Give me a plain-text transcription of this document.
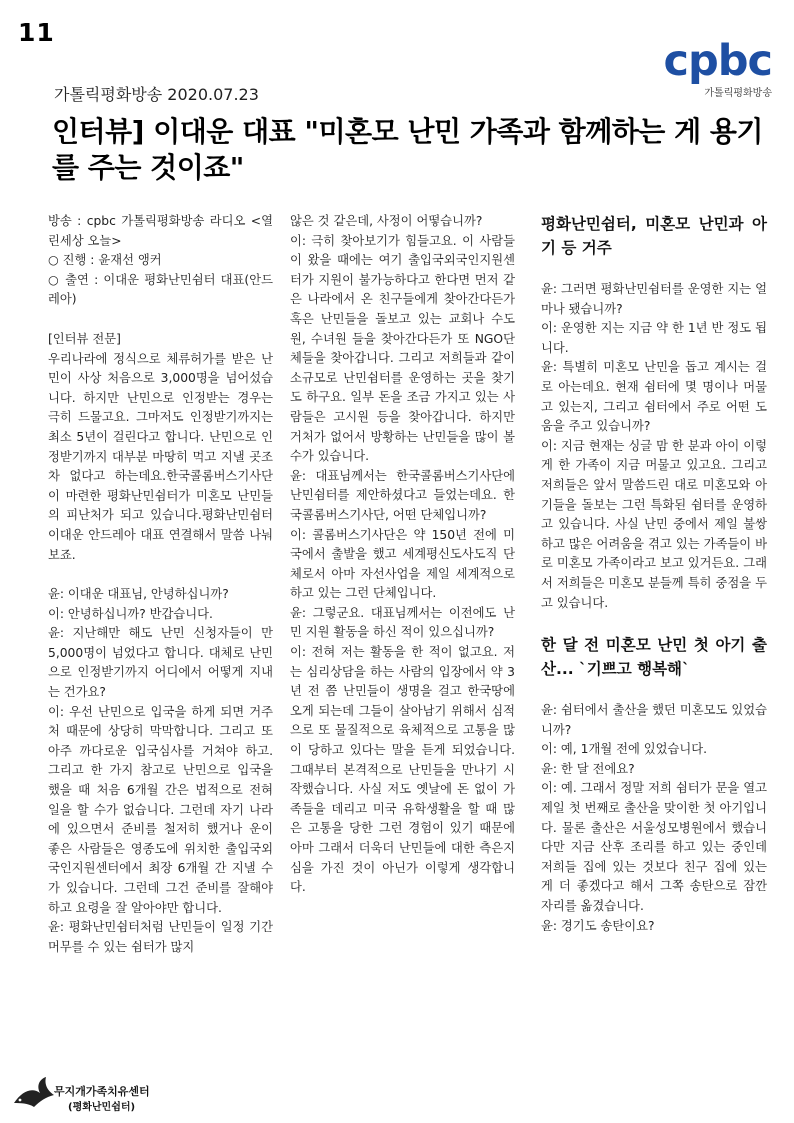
11
cpbc
가톨릭평화방송
가톨릭평화방송 2020.07.23
인터뷰] 이대운 대표 "미혼모 난민 가족과 함께하는 게 용기를 주는 것이죠"

방송 : cpbc 가톨릭평화방송 라디오 <열린세상 오늘>
○ 진행 : 윤재선 앵커
○ 출연 : 이대운 평화난민쉼터 대표(안드레아)

[인터뷰 전문]

우리나라에 정식으로 체류허가를 받은 난민이 사상 처음으로 3,000명을 넘어섰습니다. 하지만 난민으로 인정받는 경우는 극히 드물고요. 그마저도 인정받기까지는 최소 5년이 걸린다고 합니다. 난민으로 인정받기까지 대부분 마땅히 먹고 지낼 곳조차 없다고 하는데요.한국콜롬버스기사단이 마련한 평화난민쉼터가 미혼모 난민들의 피난처가 되고 있습니다.평화난민쉼터 이대운 안드레아 대표 연결해서 말씀 나눠보죠.

윤: 이대운 대표님, 안녕하십니까?
이: 안녕하십니까? 반갑습니다.
윤: 지난해만 해도 난민 신청자들이 만 5,000명이 넘었다고 합니다. 대체로 난민으로 인정받기까지 어디에서 어떻게 지내는 건가요?
이: 우선 난민으로 입국을 하게 되면 거주처 때문에 상당히 막막합니다. 그리고 또 아주 까다로운 입국심사를 거쳐야 하고. 그리고 한 가지 참고로 난민으로 입국을 했을 때 처음 6개월 간은 법적으로 전혀 일을 할 수가 없습니다. 그런데 자기 나라에 있으면서 준비를 철저히 했거나 운이 좋은 사람들은 영종도에 위치한 출입국외국인지원센터에서 최장 6개월 간 지낼 수가 있습니다. 그런데 그건 준비를 잘해야 하고 요령을 잘 알아야만 합니다.
윤: 평화난민쉼터처럼 난민들이 일정 기간 머무를 수 있는 쉼터가 많지

않은 것 같은데, 사정이 어떻습니까?
이: 극히 찾아보기가 힘들고요. 이 사람들이 왔을 때에는 여기 출입국외국인지원센터가 지원이 불가능하다고 한다면 먼저 같은 나라에서 온 친구들에게 찾아간다든가 혹은 난민들을 돌보고 있는 교회나 수도원, 수녀원 들을 찾아간다든가 또 NGO단체들을 찾아갑니다. 그리고 저희들과 같이 소규모로 난민쉼터를 운영하는 곳을 찾기도 하구요. 일부 돈을 조금 가지고 있는 사람들은 고시원 등을 찾아갑니다. 하지만 거처가 없어서 방황하는 난민들을 많이 볼 수가 있습니다.
윤: 대표님께서는 한국콜롬버스기사단에 난민쉼터를 제안하셨다고 들었는데요. 한국콜롬버스기사단, 어떤 단체입니까?
이: 콜롬버스기사단은 약 150년 전에 미국에서 출발을 했고 세계평신도사도직 단체로서 아마 자선사업을 제일 세계적으로 하고 있는 그런 단체입니다.
윤: 그렇군요. 대표님께서는 이전에도 난민 지원 활동을 하신 적이 있으십니까?
이: 전혀 저는 활동을 한 적이 없고요. 저는 심리상담을 하는 사람의 입장에서 약 3년 전 쯤 난민들이 생명을 걸고 한국땅에 오게 되는데 그들이 살아남기 위해서 심적으로 또 물질적으로 육체적으로 고통을 많이 당하고 있다는 말을 듣게 되었습니다. 그때부터 본격적으로 난민들을 만나기 시작했습니다. 사실 저도 옛날에 돈 없이 가족들을 데리고 미국 유학생활을 할 때 많은 고통을 당한 그런 경험이 있기 때문에 아마 그래서 더욱더 난민들에 대한 측은지심을 가진 것이 아닌가 이렇게 생각합니다.

평화난민쉼터, 미혼모 난민과 아기 등 거주

윤: 그러면 평화난민쉼터를 운영한 지는 얼마나 됐습니까?
이: 운영한 지는 지금 약 한 1년 반 정도 됩니다.
윤: 특별히 미혼모 난민을 돕고 계시는 걸로 아는데요. 현재 쉼터에 몇 명이나 머물고 있는지, 그리고 쉼터에서 주로 어떤 도움을 주고 있습니까?
이: 지금 현재는 싱글 맘 한 분과 아이 이렇게 한 가족이 지금 머물고 있고요. 그리고 저희들은 앞서 말씀드린 대로 미혼모와 아기들을 돌보는 그런 특화된 쉼터를 운영하고 있습니다. 사실 난민 중에서 제일 불쌍하고 많은 어려움을 겪고 있는 가족들이 바로 미혼모 가족이라고 보고 있거든요. 그래서 저희들은 미혼모 분들께 특히 중점을 두고 있습니다.

한 달 전 미혼모 난민 첫 아기 출산... `기쁘고 행복해`

윤: 쉼터에서 출산을 했던 미혼모도 있었습니까?
이: 예, 1개월 전에 있었습니다.
윤: 한 달 전에요?
이: 예. 그래서 정말 저희 쉼터가 문을 열고 제일 첫 번째로 출산을 맞이한 첫 아기입니다. 물론 출산은 서울성모병원에서 했습니다만 지금 산후 조리를 하고 있는 중인데 저희들 집에 있는 것보다 친구 집에 있는 게 더 좋겠다고 해서 그쪽 송탄으로 잠깐 자리를 옮겼습니다.
윤: 경기도 송탄이요?

무지개가족치유센터
(평화난민쉼터)
